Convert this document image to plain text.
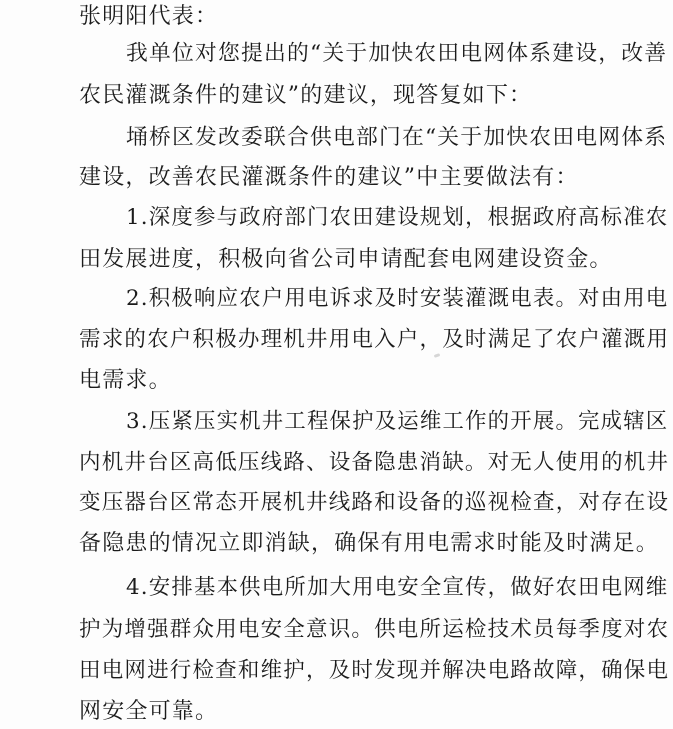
张明阳代表：
我单位对您提出的“关于加快农田电网体系建设，改善
农民灌溉条件的建议”的建议，现答复如下：
埇桥区发改委联合供电部门在“关于加快农田电网体系
建设，改善农民灌溉条件的建议”中主要做法有：
1.深度参与政府部门农田建设规划，根据政府高标准农
田发展进度，积极向省公司申请配套电网建设资金。
2.积极响应农户用电诉求及时安装灌溉电表。对由用电
需求的农户积极办理机井用电入户，及时满足了农户灌溉用
电需求。
3.压紧压实机井工程保护及运维工作的开展。完成辖区
内机井台区高低压线路、设备隐患消缺。对无人使用的机井
变压器台区常态开展机井线路和设备的巡视检查，对存在设
备隐患的情况立即消缺，确保有用电需求时能及时满足。
4.安排基本供电所加大用电安全宣传，做好农田电网维
护为增强群众用电安全意识。供电所运检技术员每季度对农
田电网进行检查和维护，及时发现并解决电路故障，确保电
网安全可靠。
